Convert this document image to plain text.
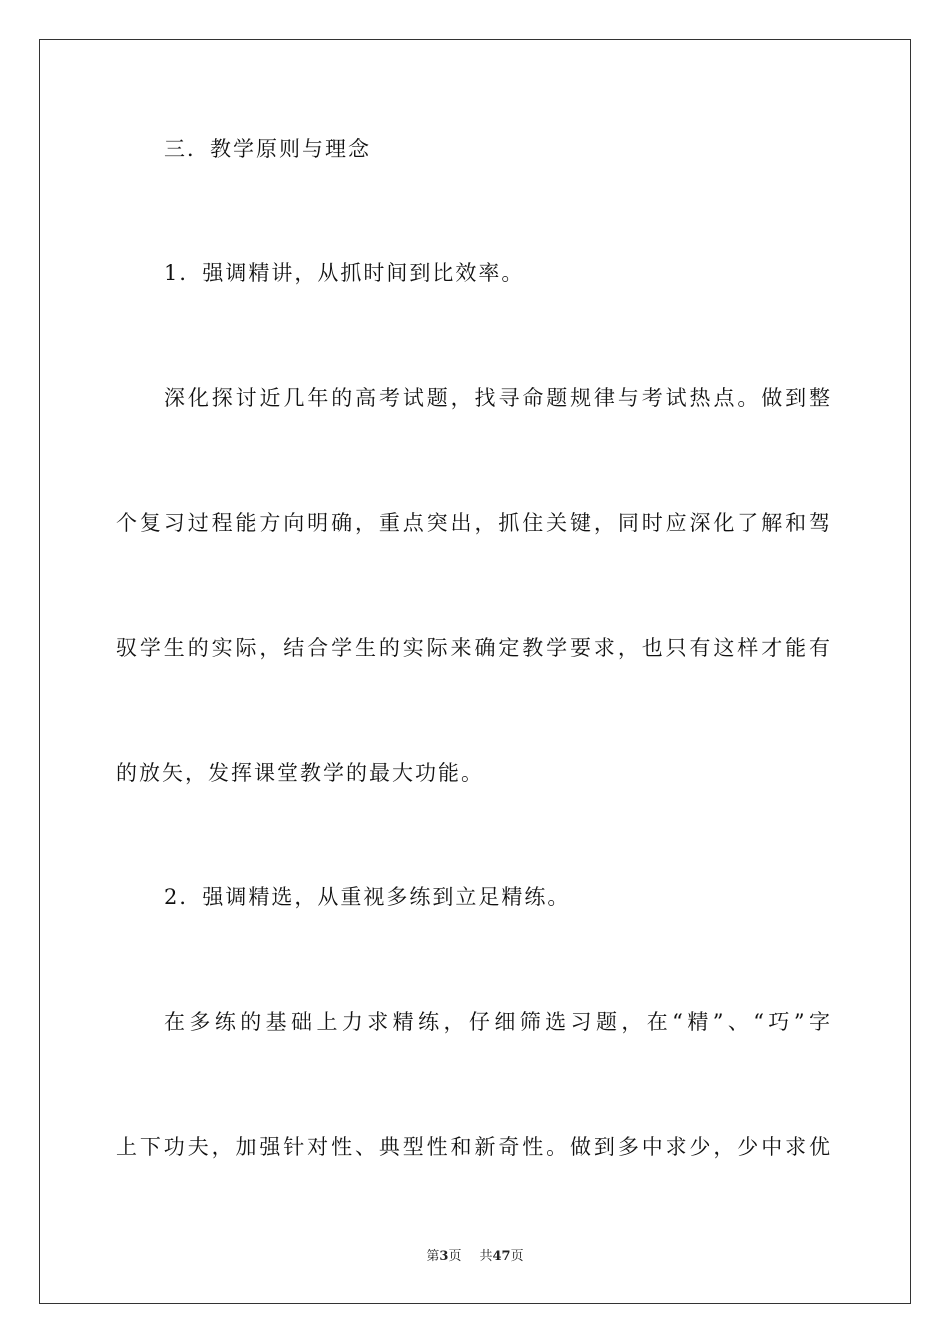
三．教学原则与理念

1．强调精讲，从抓时间到比效率。

深化探讨近几年的高考试题，找寻命题规律与考试热点。做到整

个复习过程能方向明确，重点突出，抓住关键，同时应深化了解和驾

驭学生的实际，结合学生的实际来确定教学要求，也只有这样才能有

的放矢，发挥课堂教学的最大功能。

2．强调精选，从重视多练到立足精练。

在多练的基础上力求精练，仔细筛选习题，在“精”、“巧”字

上下功夫，加强针对性、典型性和新奇性。做到多中求少，少中求优

第3页 共47页
